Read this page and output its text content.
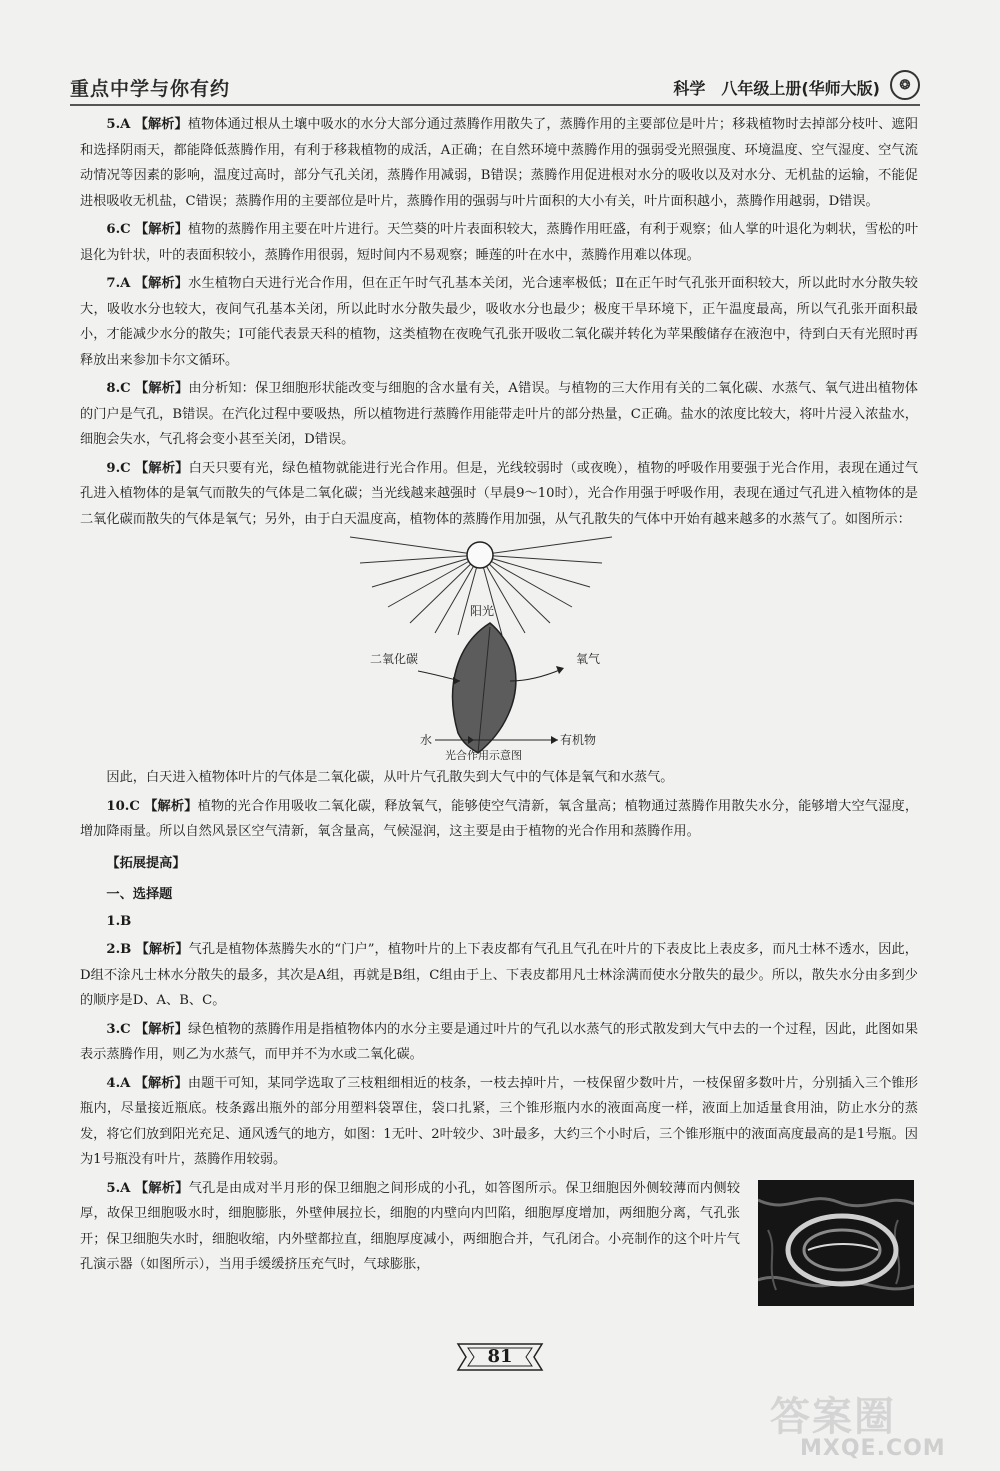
重点中学与你有约	科学　八年级上册(华师大版)	❂

5.A 【解析】植物体通过根从土壤中吸水的水分大部分通过蒸腾作用散失了，蒸腾作用的主要部位是叶片；移栽植物时去掉部分枝叶、遮阳和选择阴雨天，都能降低蒸腾作用，有利于移栽植物的成活，A正确；在自然环境中蒸腾作用的强弱受光照强度、环境温度、空气湿度、空气流动情况等因素的影响，温度过高时，部分气孔关闭，蒸腾作用减弱，B错误；蒸腾作用促进根对水分的吸收以及对水分、无机盐的运输，不能促进根吸收无机盐，C错误；蒸腾作用的主要部位是叶片，蒸腾作用的强弱与叶片面积的大小有关，叶片面积越小，蒸腾作用越弱，D错误。

6.C 【解析】植物的蒸腾作用主要在叶片进行。天竺葵的叶片表面积较大，蒸腾作用旺盛，有利于观察；仙人掌的叶退化为刺状，雪松的叶退化为针状，叶的表面积较小，蒸腾作用很弱，短时间内不易观察；睡莲的叶在水中，蒸腾作用难以体现。

7.A 【解析】水生植物白天进行光合作用，但在正午时气孔基本关闭，光合速率极低；Ⅱ在正午时气孔张开面积较大，所以此时水分散失较大，吸收水分也较大，夜间气孔基本关闭，所以此时水分散失最少，吸收水分也最少；极度干旱环境下，正午温度最高，所以气孔张开面积最小，才能减少水分的散失；Ⅰ可能代表景天科的植物，这类植物在夜晚气孔张开吸收二氧化碳并转化为苹果酸储存在液泡中，待到白天有光照时再释放出来参加卡尔文循环。

8.C 【解析】由分析知：保卫细胞形状能改变与细胞的含水量有关，A错误。与植物的三大作用有关的二氧化碳、水蒸气、氧气进出植物体的门户是气孔，B错误。在汽化过程中要吸热，所以植物进行蒸腾作用能带走叶片的部分热量，C正确。盐水的浓度比较大，将叶片浸入浓盐水，细胞会失水，气孔将会变小甚至关闭，D错误。

9.C 【解析】白天只要有光，绿色植物就能进行光合作用。但是，光线较弱时（或夜晚），植物的呼吸作用要强于光合作用，表现在通过气孔进入植物体的是氧气而散失的气体是二氧化碳；当光线越来越强时（早晨9～10时），光合作用强于呼吸作用，表现在通过气孔进入植物体的是二氧化碳而散失的气体是氧气；另外，由于白天温度高，植物体的蒸腾作用加强，从气孔散失的气体中开始有越来越多的水蒸气了。如图所示：

阳光
二氧化碳	氧气
水	有机物
光合作用示意图

因此，白天进入植物体叶片的气体是二氧化碳，从叶片气孔散失到大气中的气体是氧气和水蒸气。

10.C 【解析】植物的光合作用吸收二氧化碳，释放氧气，能够使空气清新，氧含量高；植物通过蒸腾作用散失水分，能够增大空气湿度，增加降雨量。所以自然风景区空气清新，氧含量高，气候湿润，这主要是由于植物的光合作用和蒸腾作用。

【拓展提高】
一、选择题

1.B

2.B 【解析】气孔是植物体蒸腾失水的“门户”，植物叶片的上下表皮都有气孔且气孔在叶片的下表皮比上表皮多，而凡士林不透水，因此，D组不涂凡士林水分散失的最多，其次是A组，再就是B组，C组由于上、下表皮都用凡士林涂满而使水分散失的最少。所以，散失水分由多到少的顺序是D、A、B、C。

3.C 【解析】绿色植物的蒸腾作用是指植物体内的水分主要是通过叶片的气孔以水蒸气的形式散发到大气中去的一个过程，因此，此图如果表示蒸腾作用，则乙为水蒸气，而甲并不为水或二氧化碳。

4.A 【解析】由题干可知，某同学选取了三枝粗细相近的枝条，一枝去掉叶片，一枝保留少数叶片，一枝保留多数叶片，分别插入三个锥形瓶内，尽量接近瓶底。枝条露出瓶外的部分用塑料袋罩住，袋口扎紧，三个锥形瓶内水的液面高度一样，液面上加适量食用油，防止水分的蒸发，将它们放到阳光充足、通风透气的地方，如图：1无叶、2叶较少、3叶最多，大约三个小时后，三个锥形瓶中的液面高度最高的是1号瓶。因为1号瓶没有叶片，蒸腾作用较弱。

5.A 【解析】气孔是由成对半月形的保卫细胞之间形成的小孔，如答图所示。保卫细胞因外侧较薄而内侧较厚，故保卫细胞吸水时，细胞膨胀，外壁伸展拉长，细胞的内壁向内凹陷，细胞厚度增加，两细胞分离，气孔张开；保卫细胞失水时，细胞收缩，内外壁都拉直，细胞厚度减小，两细胞合并，气孔闭合。小亮制作的这个叶片气孔演示器（如图所示），当用手缓缓挤压充气时，气球膨胀，

81
答案圈
MXQE.COM
